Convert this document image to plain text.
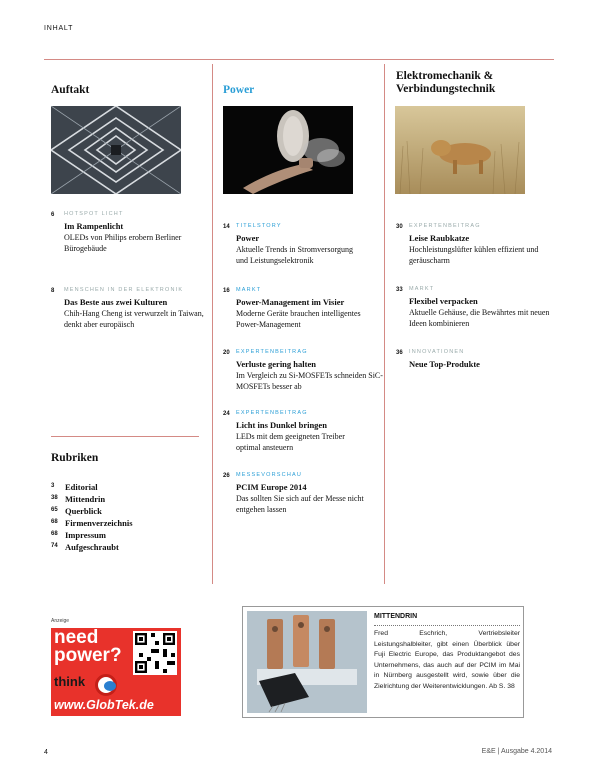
INHALT
Auftakt
6 HOTSPOT LICHT
Im Rampenlicht
OLEDs von Philips erobern Berliner Bürogebäude
8 MENSCHEN IN DER ELEKTRONIK
Das Beste aus zwei Kulturen
Chih-Hang Cheng ist verwurzelt in Taiwan, denkt aber europäisch
Rubriken
3 Editorial
38 Mittendrin
65 Querblick
68 Firmenverzeichnis
68 Impressum
74 Aufgeschraubt
Power
14 TITELSTORY
Power
Aktuelle Trends in Stromversorgung und Leistungselektronik
16 MARKT
Power-Management im Visier
Moderne Geräte brauchen intelligentes Power-Management
20 EXPERTENBEITRAG
Verluste gering halten
Im Vergleich zu Si-MOSFETs schneiden SiC-MOSFETs besser ab
24 EXPERTENBEITRAG
Licht ins Dunkel bringen
LEDs mit dem geeigneten Treiber optimal ansteuern
26 MESSEVORSCHAU
PCIM Europe 2014
Das sollten Sie sich auf der Messe nicht entgehen lassen
Elektromechanik & Verbindungstechnik
30 EXPERTENBEITRAG
Leise Raubkatze
Hochleistungslüfter kühlen effizient und geräuscharm
33 MARKT
Flexibel verpacken
Aktuelle Gehäuse, die Bewährtes mit neuen Ideen kombinieren
36 INNOVATIONEN
Neue Top-Produkte
Anzeige
need
power?
think
www.GlobTek.de
MITTENDRIN
Fred Eschrich, Vertriebsleiter Leistungshalbleiter, gibt einen Überblick über Fuji Electric Europe, das Produktangebot des Unternehmens, das auch auf der PCIM im Mai in Nürnberg ausgestellt wird, sowie über die Zielrichtung der Weiterentwicklungen. Ab S. 38
4	E&E | Ausgabe 4.2014
